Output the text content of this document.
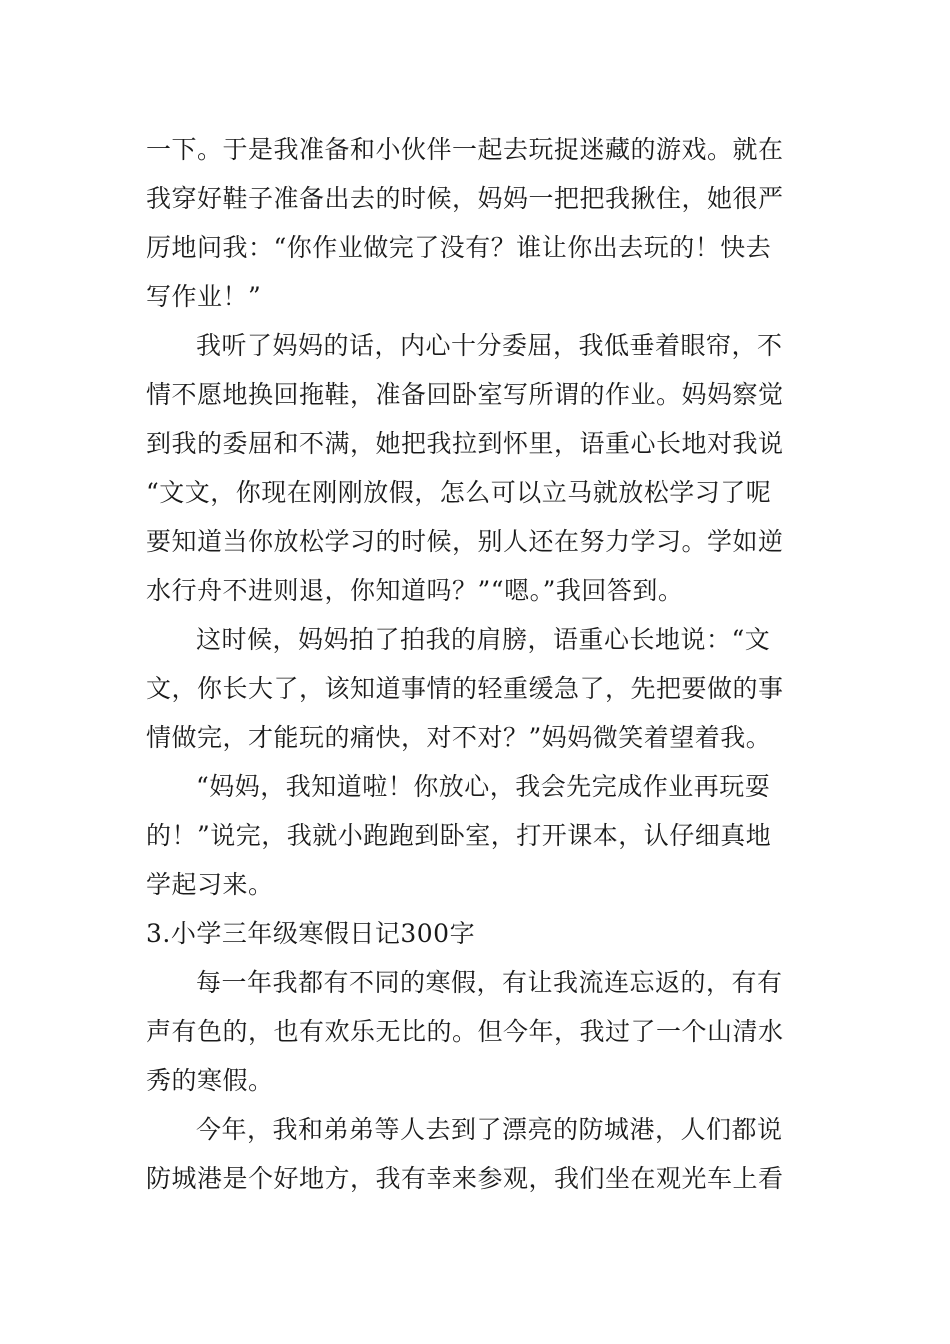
一下。于是我准备和小伙伴一起去玩捉迷藏的游戏。就在
我穿好鞋子准备出去的时候，妈妈一把把我揪住，她很严
厉地问我：“你作业做完了没有？谁让你出去玩的！快去
写作业！”
我听了妈妈的话，内心十分委屈，我低垂着眼帘，不
情不愿地换回拖鞋，准备回卧室写所谓的作业。妈妈察觉
到我的委屈和不满，她把我拉到怀里，语重心长地对我说
“文文，你现在刚刚放假，怎么可以立马就放松学习了呢
要知道当你放松学习的时候，别人还在努力学习。学如逆
水行舟不进则退，你知道吗？”“嗯。”我回答到。
这时候，妈妈拍了拍我的肩膀，语重心长地说：“文
文，你长大了，该知道事情的轻重缓急了，先把要做的事
情做完，才能玩的痛快，对不对？”妈妈微笑着望着我。
“妈妈，我知道啦！你放心，我会先完成作业再玩耍
的！”说完，我就小跑跑到卧室，打开课本，认仔细真地
学起习来。
3.小学三年级寒假日记300字
每一年我都有不同的寒假，有让我流连忘返的，有有
声有色的，也有欢乐无比的。但今年，我过了一个山清水
秀的寒假。
今年，我和弟弟等人去到了漂亮的防城港，人们都说
防城港是个好地方，我有幸来参观，我们坐在观光车上看
